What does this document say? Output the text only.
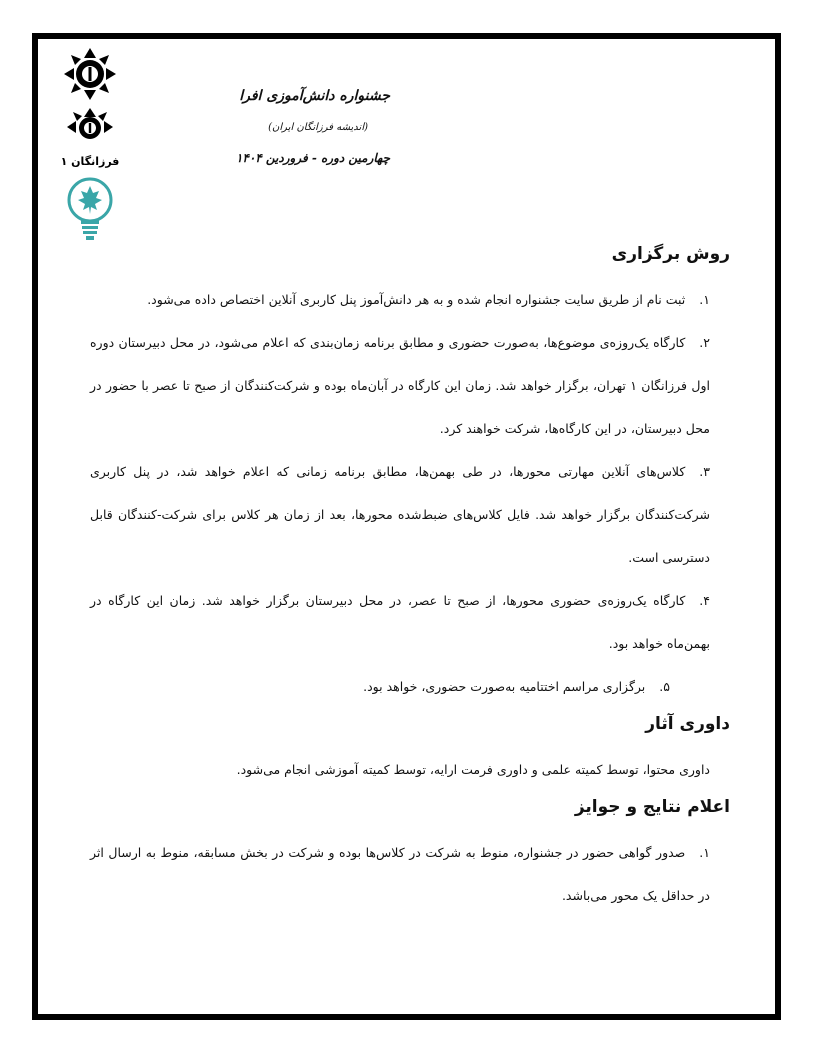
فرزانگان ۱
جشنواره دانش‌آموزی افرا
(اندیشه فرزانگان ایران)
چهارمین دوره - فروردین ۱۴۰۴
روش برگزاری

۱.ثبت نام از طریق سایت جشنواره انجام شده و به هر دانش‌آموز پنل کاربری آنلاین اختصاص داده می‌شود.

۲.کارگاه یک‌روزه‌ی موضوع‌ها، به‌صورت حضوری و مطابق برنامه زمان‌بندی که اعلام می‌شود، در محل دبیرستان دوره اول فرزانگان ۱ تهران، برگزار خواهد شد. زمان این کارگاه در آبان‌ماه بوده و شرکت‌کنندگان از صبح تا عصر با حضور در محل دبیرستان، در این کارگاه‌ها، شرکت خواهند کرد.

۳.کلاس‌های آنلاین مهارتی محورها، در طی بهمن‌ها، مطابق برنامه زمانی که اعلام خواهد شد، در پنل کاربری شرکت‌کنندگان برگزار خواهد شد. فایل کلاس‌های ضبط‌شده محورها، بعد از زمان هر کلاس برای شرکت-کنندگان قابل دسترسی است.

۴.کارگاه یک‌روزه‌ی حضوری محورها، از صبح تا عصر، در محل دبیرستان برگزار خواهد شد. زمان این کارگاه در بهمن‌ماه خواهد بود.

۵.برگزاری مراسم اختتامیه به‌صورت حضوری، خواهد بود.

داوری آثار

داوری محتوا، توسط کمیته علمی و داوری فرمت ارایه، توسط کمیته آموزشی انجام می‌شود.

اعلام نتایج و جوایز

۱.صدور گواهی حضور در جشنواره، منوط به شرکت در کلاس‌ها بوده و شرکت در بخش مسابقه، منوط به ارسال اثر در حداقل یک محور می‌باشد.
